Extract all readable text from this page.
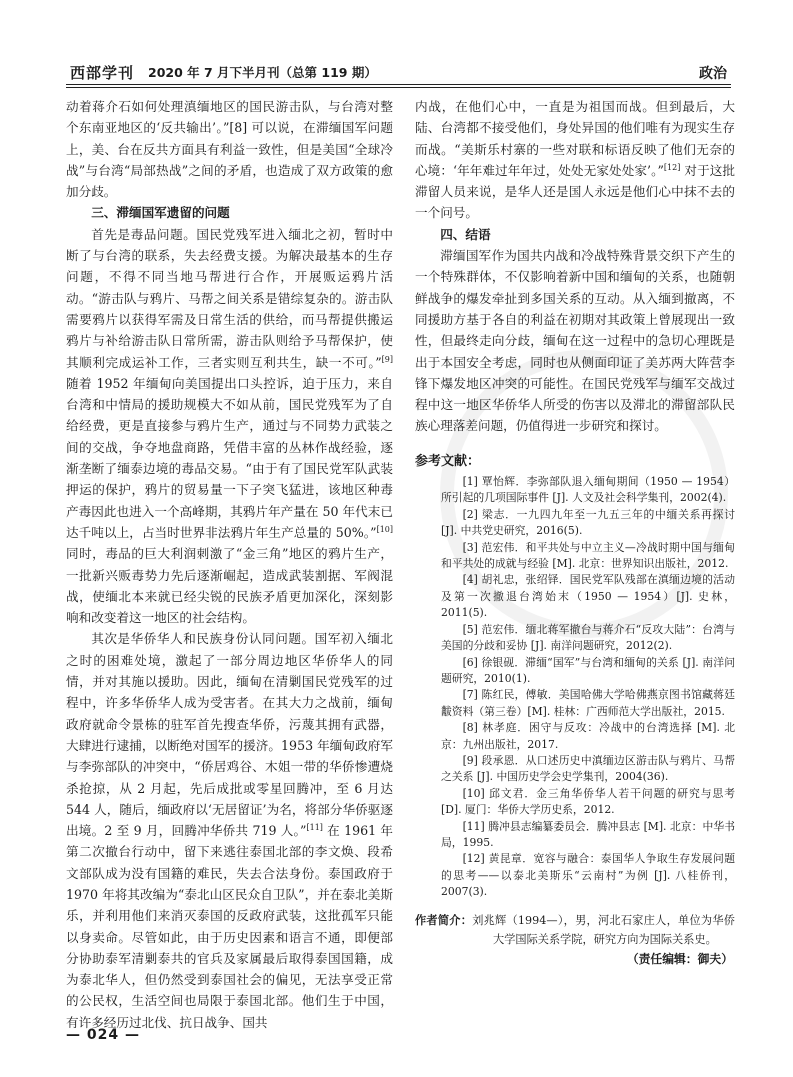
西部学刊 2020 年 7 月下半月刊（总第 119 期）	政治

动着蒋介石如何处理滇缅地区的国民游击队，与台湾对整个东南亚地区的‘反共输出’。”[8] 可以说，在滞缅国军问题上，美、台在反共方面具有利益一致性，但是美国“全球冷战”与台湾“局部热战”之间的矛盾，也造成了双方政策的愈加分歧。

三、滞缅国军遗留的问题

首先是毒品问题。国民党残军进入缅北之初，暂时中断了与台湾的联系，失去经费支援。为解决最基本的生存问题，不得不同当地马帮进行合作，开展贩运鸦片活动。“游击队与鸦片、马帮之间关系是错综复杂的。游击队需要鸦片以获得军需及日常生活的供给，而马帮提供搬运鸦片与补给游击队日常所需，游击队则给予马帮保护，使其顺利完成运补工作，三者实则互利共生，缺一不可。”[9] 随着 1952 年缅甸向美国提出口头控诉，迫于压力，来自台湾和中情局的援助规模大不如从前，国民党残军为了自给经费，更是直接参与鸦片生产，通过与不同势力武装之间的交战，争夺地盘商路，凭借丰富的丛林作战经验，逐渐垄断了缅泰边境的毒品交易。“由于有了国民党军队武装押运的保护，鸦片的贸易量一下子突飞猛进，该地区种毒产毒因此也进入一个高峰期，其鸦片年产量在 50 年代末已达千吨以上，占当时世界非法鸦片年生产总量的 50%。”[10] 同时，毒品的巨大利润刺激了“金三角”地区的鸦片生产，一批新兴贩毒势力先后逐渐崛起，造成武装割据、军阀混战，使缅北本来就已经尖锐的民族矛盾更加深化，深刻影响和改变着这一地区的社会结构。

其次是华侨华人和民族身份认同问题。国军初入缅北之时的困难处境，激起了一部分周边地区华侨华人的同情，并对其施以援助。因此，缅甸在清剿国民党残军的过程中，许多华侨华人成为受害者。在其大力之战前，缅甸政府就命令景栋的驻军首先搜查华侨，污蔑其拥有武器，大肆进行逮捕，以断绝对国军的援济。1953 年缅甸政府军与李弥部队的冲突中，“侨居鸡谷、木姐一带的华侨惨遭烧杀抢掠，从 2 月起，先后成批或零星回腾冲，至 6 月达 544 人，随后，缅政府以‘无居留证’为名，将部分华侨驱逐出境。2 至 9 月，回腾冲华侨共 719 人。”[11] 在 1961 年第二次撤台行动中，留下来逃往泰国北部的李文焕、段希文部队成为没有国籍的难民，失去合法身份。泰国政府于 1970 年将其改编为“泰北山区民众自卫队”，并在泰北美斯乐，并利用他们来消灭泰国的反政府武装，这批孤军只能以身卖命。尽管如此，由于历史因素和语言不通，即便部分协助泰军清剿泰共的官兵及家属最后取得泰国国籍，成为泰北华人，但仍然受到泰国社会的偏见，无法享受正常的公民权，生活空间也局限于泰国北部。他们生于中国，有许多经历过北伐、抗日战争、国共

内战，在他们心中，一直是为祖国而战。但到最后，大陆、台湾都不接受他们，身处异国的他们唯有为现实生存而战。“美斯乐村寨的一些对联和标语反映了他们无奈的心境：‘年年难过年年过，处处无家处处家’。”[12] 对于这批滞留人员来说，是华人还是国人永远是他们心中抹不去的一个问号。

四、结语

滞缅国军作为国共内战和冷战特殊背景交织下产生的一个特殊群体，不仅影响着新中国和缅甸的关系，也随朝鲜战争的爆发牵扯到多国关系的互动。从入缅到撤离，不同援助方基于各自的利益在初期对其政策上曾展现出一致性，但最终走向分歧，缅甸在这一过程中的急切心理既是出于本国安全考虑，同时也从侧面印证了美苏两大阵营李锋下爆发地区冲突的可能性。在国民党残军与缅军交战过程中这一地区华侨华人所受的伤害以及滞北的滞留部队民族心理落差问题，仍值得进一步研究和探讨。

参考文献：

[1] 覃怡辉．李弥部队退入缅甸期间（1950 — 1954）所引起的几项国际事件 [J]. 人文及社会科学集刊，2002(4).

[2] 梁志．一九四九年至一九五三年的中缅关系再探讨 [J]. 中共党史研究，2016(5).

[3] 范宏伟．和平共处与中立主义—冷战时期中国与缅甸和平共处的成就与经验 [M]. 北京：世界知识出版社，2012.

[4] 胡礼忠，张绍铎．国民党军队残部在滇缅边境的活动及第一次撤退台湾始末（1950 — 1954）[J]. 史林，2011(5).

[5] 范宏伟．缅北蒋军撤台与蒋介石“反攻大陆”：台湾与美国的分歧和妥协 [J]. 南洋问题研究，2012(2).

[6] 徐银砚．滞缅“国军”与台湾和缅甸的关系 [J]. 南洋问题研究，2010(1).

[7] 陈红民，傅敏．美国哈佛大学哈佛燕京图书馆藏蒋廷黻资料（第三卷）[M]. 桂林：广西师范大学出版社，2015.

[8] 林孝庭．困守与反攻：冷战中的台湾选择 [M]. 北京：九州出版社，2017.

[9] 段承恩．从口述历史中滇缅边区游击队与鸦片、马帮之关系 [J]. 中国历史学会史学集刊，2004(36).

[10] 邱文君．金三角华侨华人若干问题的研究与思考 [D]. 厦门：华侨大学历史系，2012.

[11] 腾冲县志编纂委员会．腾冲县志 [M]. 北京：中华书局，1995.

[12] 黄昆章．宽容与融合：泰国华人争取生存发展问题的思考——以泰北美斯乐“云南村”为例 [J]. 八桂侨刊，2007(3).

作者简介：刘兆辉（1994—），男，河北石家庄人，单位为华侨大学国际关系学院，研究方向为国际关系史。
（责任编辑：御夫）
— 024 —
